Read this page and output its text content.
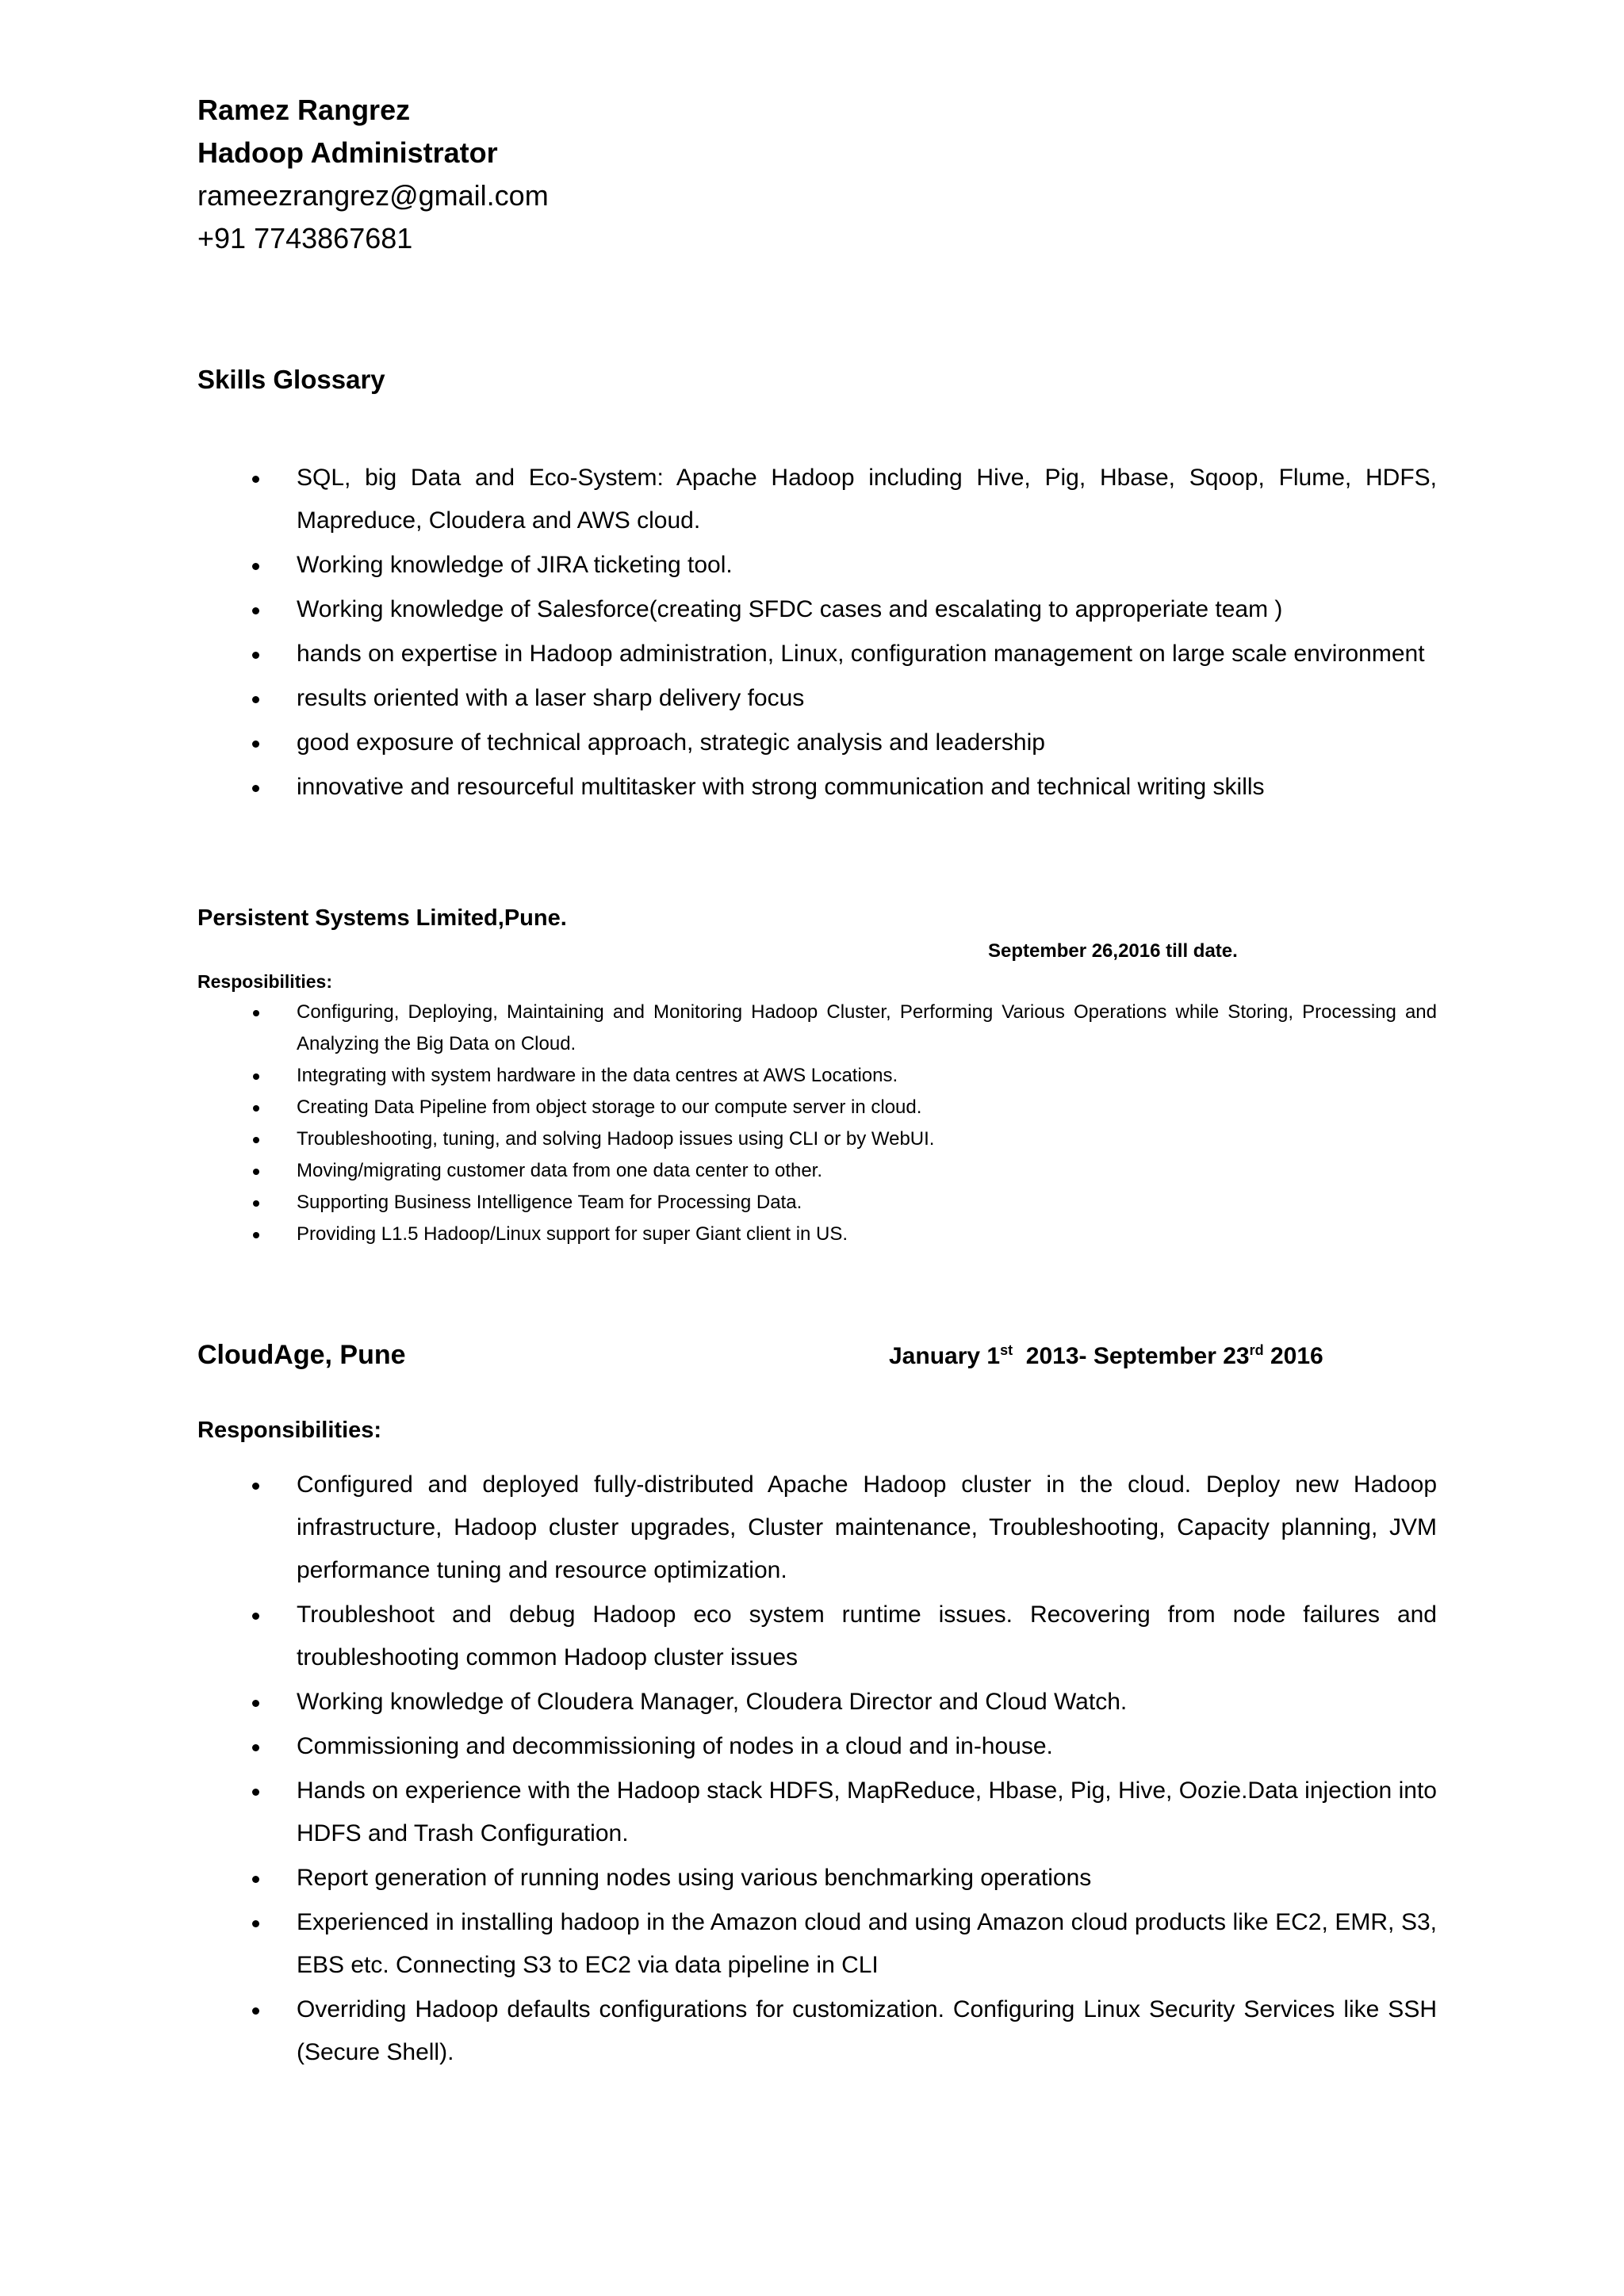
Ramez Rangrez
Hadoop Administrator
rameezrangrez@gmail.com
+91 7743867681
Skills Glossary
SQL, big Data and Eco-System: Apache Hadoop including Hive, Pig, Hbase, Sqoop, Flume, HDFS, Mapreduce, Cloudera and AWS cloud.
Working knowledge of JIRA ticketing tool.
Working knowledge of Salesforce(creating SFDC cases and escalating to approperiate team )
hands on expertise in Hadoop administration, Linux, configuration management on large scale environment
results oriented with a laser sharp delivery focus
good exposure of technical approach, strategic analysis and leadership
innovative and resourceful multitasker with strong communication and technical writing skills
Persistent Systems Limited,Pune.
September 26,2016 till date.
Resposibilities:
Configuring, Deploying, Maintaining and Monitoring Hadoop Cluster, Performing Various Operations while Storing, Processing and Analyzing the Big Data on Cloud.
Integrating with system hardware in the data centres at AWS Locations.
Creating Data Pipeline from object storage to our compute server in cloud.
Troubleshooting, tuning, and solving Hadoop issues using CLI or by WebUI.
Moving/migrating customer data from one data center to other.
Supporting Business Intelligence Team for Processing Data.
Providing L1.5 Hadoop/Linux support for super Giant client in US.
CloudAge, Pune	January 1st  2013- September 23rd 2016
Responsibilities:
Configured and deployed fully-distributed Apache Hadoop cluster in the cloud. Deploy new Hadoop infrastructure, Hadoop cluster upgrades, Cluster maintenance, Troubleshooting, Capacity planning, JVM performance tuning and resource optimization.
Troubleshoot and debug Hadoop eco system runtime issues. Recovering from node failures and troubleshooting common Hadoop cluster issues
Working knowledge of Cloudera Manager, Cloudera Director and Cloud Watch.
Commissioning and decommissioning of nodes in a cloud and in-house.
Hands on experience with the Hadoop stack HDFS, MapReduce, Hbase, Pig, Hive, Oozie.Data injection into HDFS and Trash Configuration.
Report generation of running nodes using various benchmarking operations
Experienced in installing hadoop in the Amazon cloud and using Amazon cloud products like EC2, EMR, S3, EBS etc. Connecting S3 to EC2 via data pipeline in CLI
Overriding Hadoop defaults configurations for customization. Configuring Linux Security Services like SSH (Secure Shell).
